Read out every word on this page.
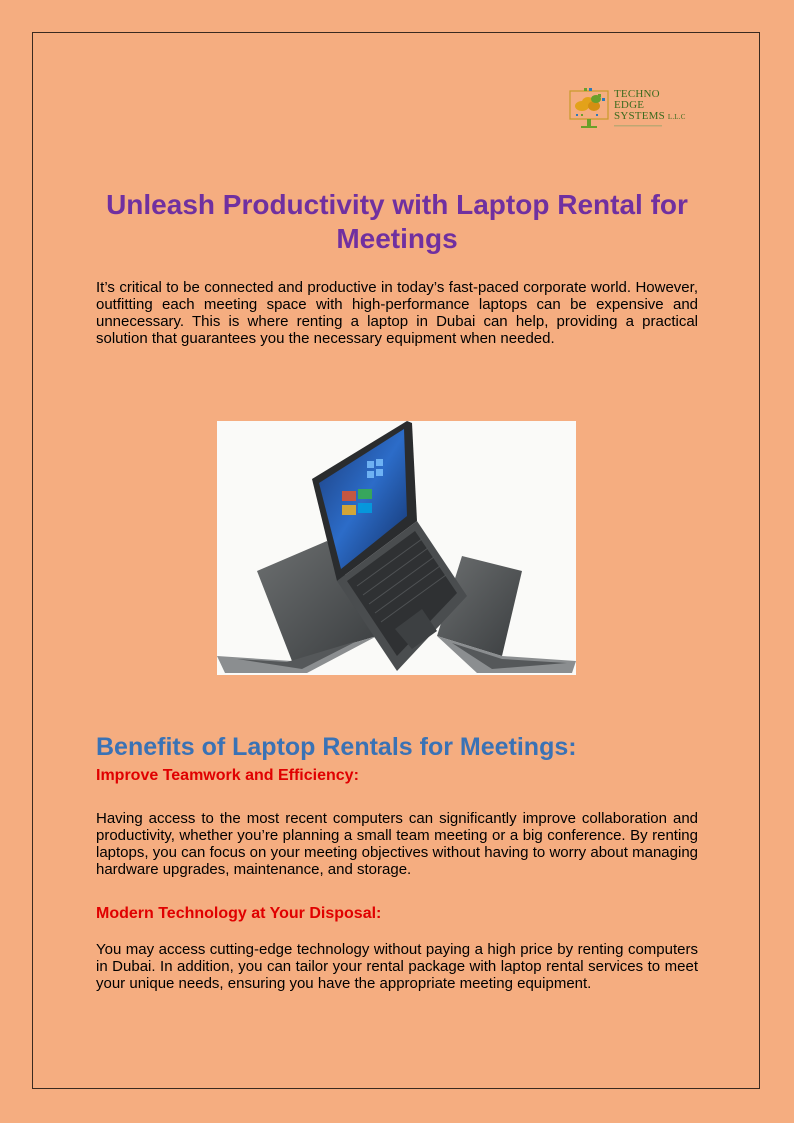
TECHNO
EDGE
SYSTEMS L.L.C
Unleash Productivity with Laptop Rental for Meetings

It’s critical to be connected and productive in today’s fast-paced corporate world. However, outfitting each meeting space with high-performance laptops can be expensive and unnecessary. This is where renting a laptop in Dubai can help, providing a practical solution that guarantees you the necessary equipment when needed.

Benefits of Laptop Rentals for Meetings:
Improve Teamwork and Efficiency:

Having access to the most recent computers can significantly improve collaboration and productivity, whether you’re planning a small team meeting or a big conference. By renting laptops, you can focus on your meeting objectives without having to worry about managing hardware upgrades, maintenance, and storage.

Modern Technology at Your Disposal:

You may access cutting-edge technology without paying a high price by renting computers in Dubai. In addition, you can tailor your rental package with laptop rental services to meet your unique needs, ensuring you have the appropriate meeting equipment.
